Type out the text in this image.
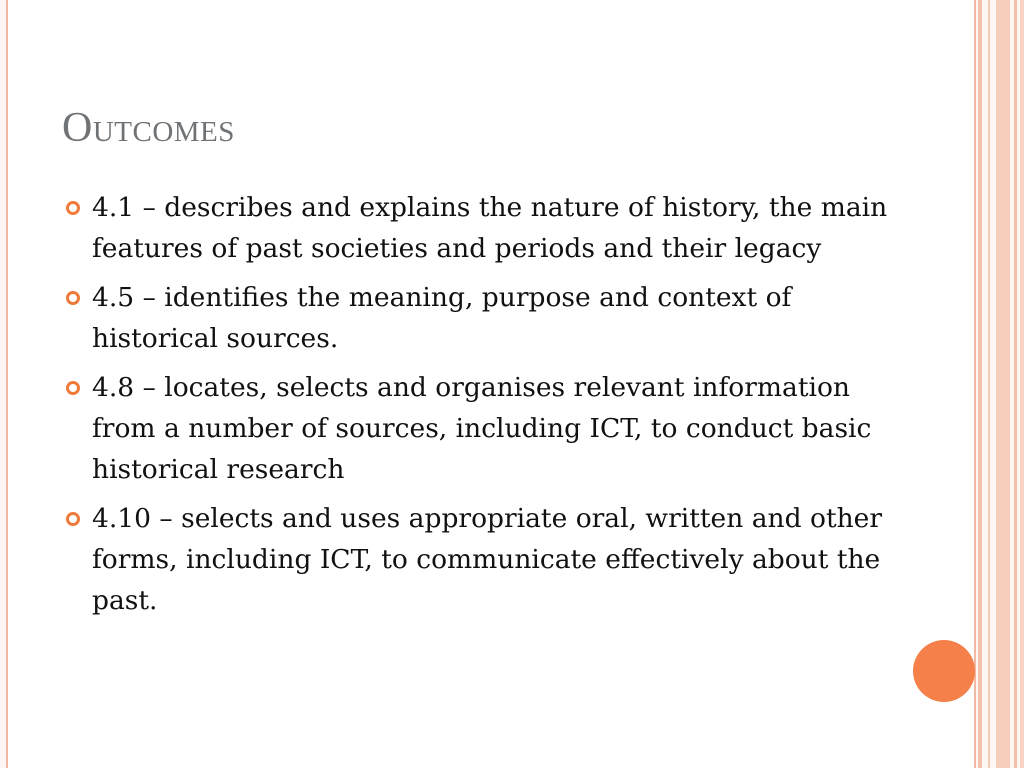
Outcomes
4.1 – describes and explains the nature of history, the main features of past societies and periods and their legacy
4.5 – identifies the meaning, purpose and context of historical sources.
4.8 – locates, selects and organises relevant information from a number of sources, including ICT, to conduct basic historical research
4.10 – selects and uses appropriate oral, written and other forms, including ICT, to communicate effectively about the past.
